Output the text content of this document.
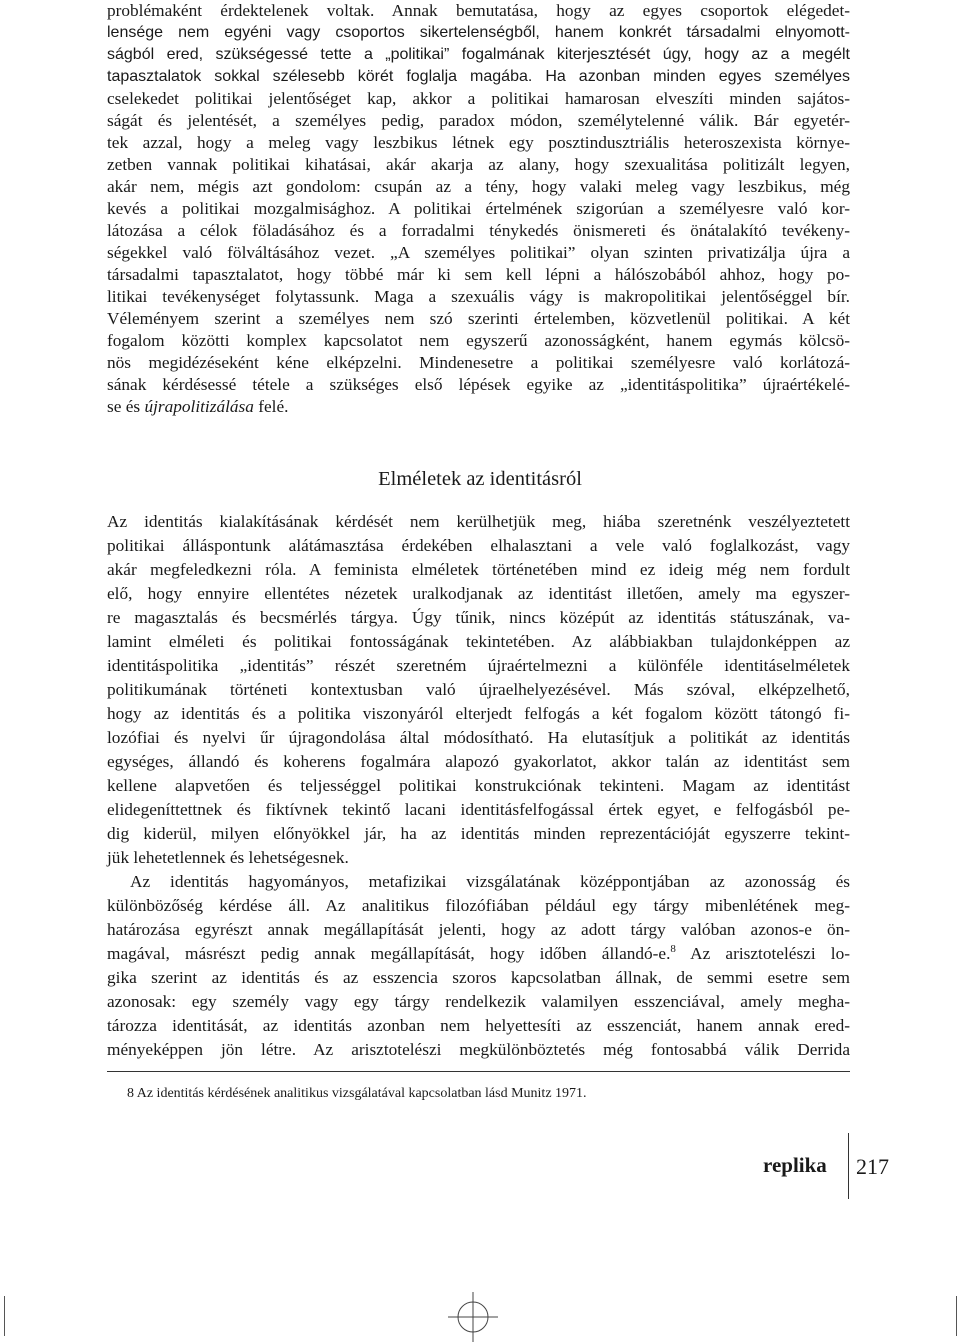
problémaként érdektelenek voltak. Annak bemutatása, hogy az egyes csoportok elégedet-
lensége nem egyéni vagy csoportos sikertelenségből, hanem konkrét társadalmi elnyomott-
ságból ered, szükségessé tette a „politikai” fogalmának kiterjesztését úgy, hogy az a megélt
tapasztalatok sokkal szélesebb körét foglalja magába. Ha azonban minden egyes személyes
cselekedet politikai jelentőséget kap, akkor a politikai hamarosan elveszíti minden sajátos-
ságát és jelentését, a személyes pedig, paradox módon, személytelenné válik. Bár egyetér-
tek azzal, hogy a meleg vagy leszbikus létnek egy posztindusztriális heteroszexista környe-
zetben vannak politikai kihatásai, akár akarja az alany, hogy szexualitása politizált legyen,
akár nem, mégis azt gondolom: csupán az a tény, hogy valaki meleg vagy leszbikus, még
kevés a politikai mozgalmisághoz. A politikai értelmének szigorúan a személyesre való kor-
látozása a célok föladásához és a forradalmi ténykedés önismereti és önátalakító tevékeny-
ségekkel való fölváltásához vezet. „A személyes politikai” olyan szinten privatizálja újra a
társadalmi tapasztalatot, hogy többé már ki sem kell lépni a hálószobából ahhoz, hogy po-
litikai tevékenységet folytassunk. Maga a szexuális vágy is makropolitikai jelentőséggel bír.
Véleményem szerint a személyes nem szó szerinti értelemben, közvetlenül politikai. A két
fogalom közötti komplex kapcsolatot nem egyszerű azonosságként, hanem egymás kölcsö-
nös megidézéseként kéne elképzelni. Mindenesetre a politikai személyesre való korlátozá-
sának kérdésessé tétele a szükséges első lépések egyike az „identitáspolitika” újraértékelé-
se és újrapolitizálása felé.
Elméletek az identitásról
Az identitás kialakításának kérdését nem kerülhetjük meg, hiába szeretnénk veszélyeztetett
politikai álláspontunk alátámasztása érdekében elhalasztani a vele való foglalkozást, vagy
akár megfeledkezni róla. A feminista elméletek történetében mind ez ideig még nem fordult
elő, hogy ennyire ellentétes nézetek uralkodjanak az identitást illetően, amely ma egyszer-
re magasztalás és becsmérlés tárgya. Úgy tűnik, nincs középút az identitás státuszának, va-
lamint elméleti és politikai fontosságának tekintetében. Az alábbiakban tulajdonképpen az
identitáspolitika „identitás” részét szeretném újraértelmezni a különféle identitáselméletek
politikumának történeti kontextusban való újraelhelyezésével. Más szóval, elképzelhető,
hogy az identitás és a politika viszonyáról elterjedt felfogás a két fogalom között tátongó fi-
lozófiai és nyelvi űr újragondolása által módosítható. Ha elutasítjuk a politikát az identitás
egységes, állandó és koherens fogalmára alapozó gyakorlatot, akkor talán az identitást sem
kellene alapvetően és teljességgel politikai konstrukciónak tekinteni. Magam az identitást
elidegeníttettnek és fiktívnek tekintő lacani identitásfelfogással értek egyet, e felfogásból pe-
dig kiderül, milyen előnyökkel jár, ha az identitás minden reprezentációját egyszerre tekint-
jük lehetetlennek és lehetségesnek.
Az identitás hagyományos, metafizikai vizsgálatának középpontjában az azonosság és
különbözőség kérdése áll. Az analitikus filozófiában például egy tárgy mibenlétének meg-
határozása egyrészt annak megállapítását jelenti, hogy az adott tárgy valóban azonos-e ön-
magával, másrészt pedig annak megállapítását, hogy időben állandó-e.$^8$ Az arisztotelészi lo-
gika szerint az identitás és az esszencia szoros kapcsolatban állnak, de semmi esetre sem
azonosak: egy személy vagy egy tárgy rendelkezik valamilyen esszenciával, amely megha-
tározza identitását, az identitás azonban nem helyettesíti az esszenciát, hanem annak ered-
ményeképpen jön létre. Az arisztotelészi megkülönböztetés még fontosabbá válik Derrida
8 Az identitás kérdésének analitikus vizsgálatával kapcsolatban lásd Munitz 1971.
replika 217
